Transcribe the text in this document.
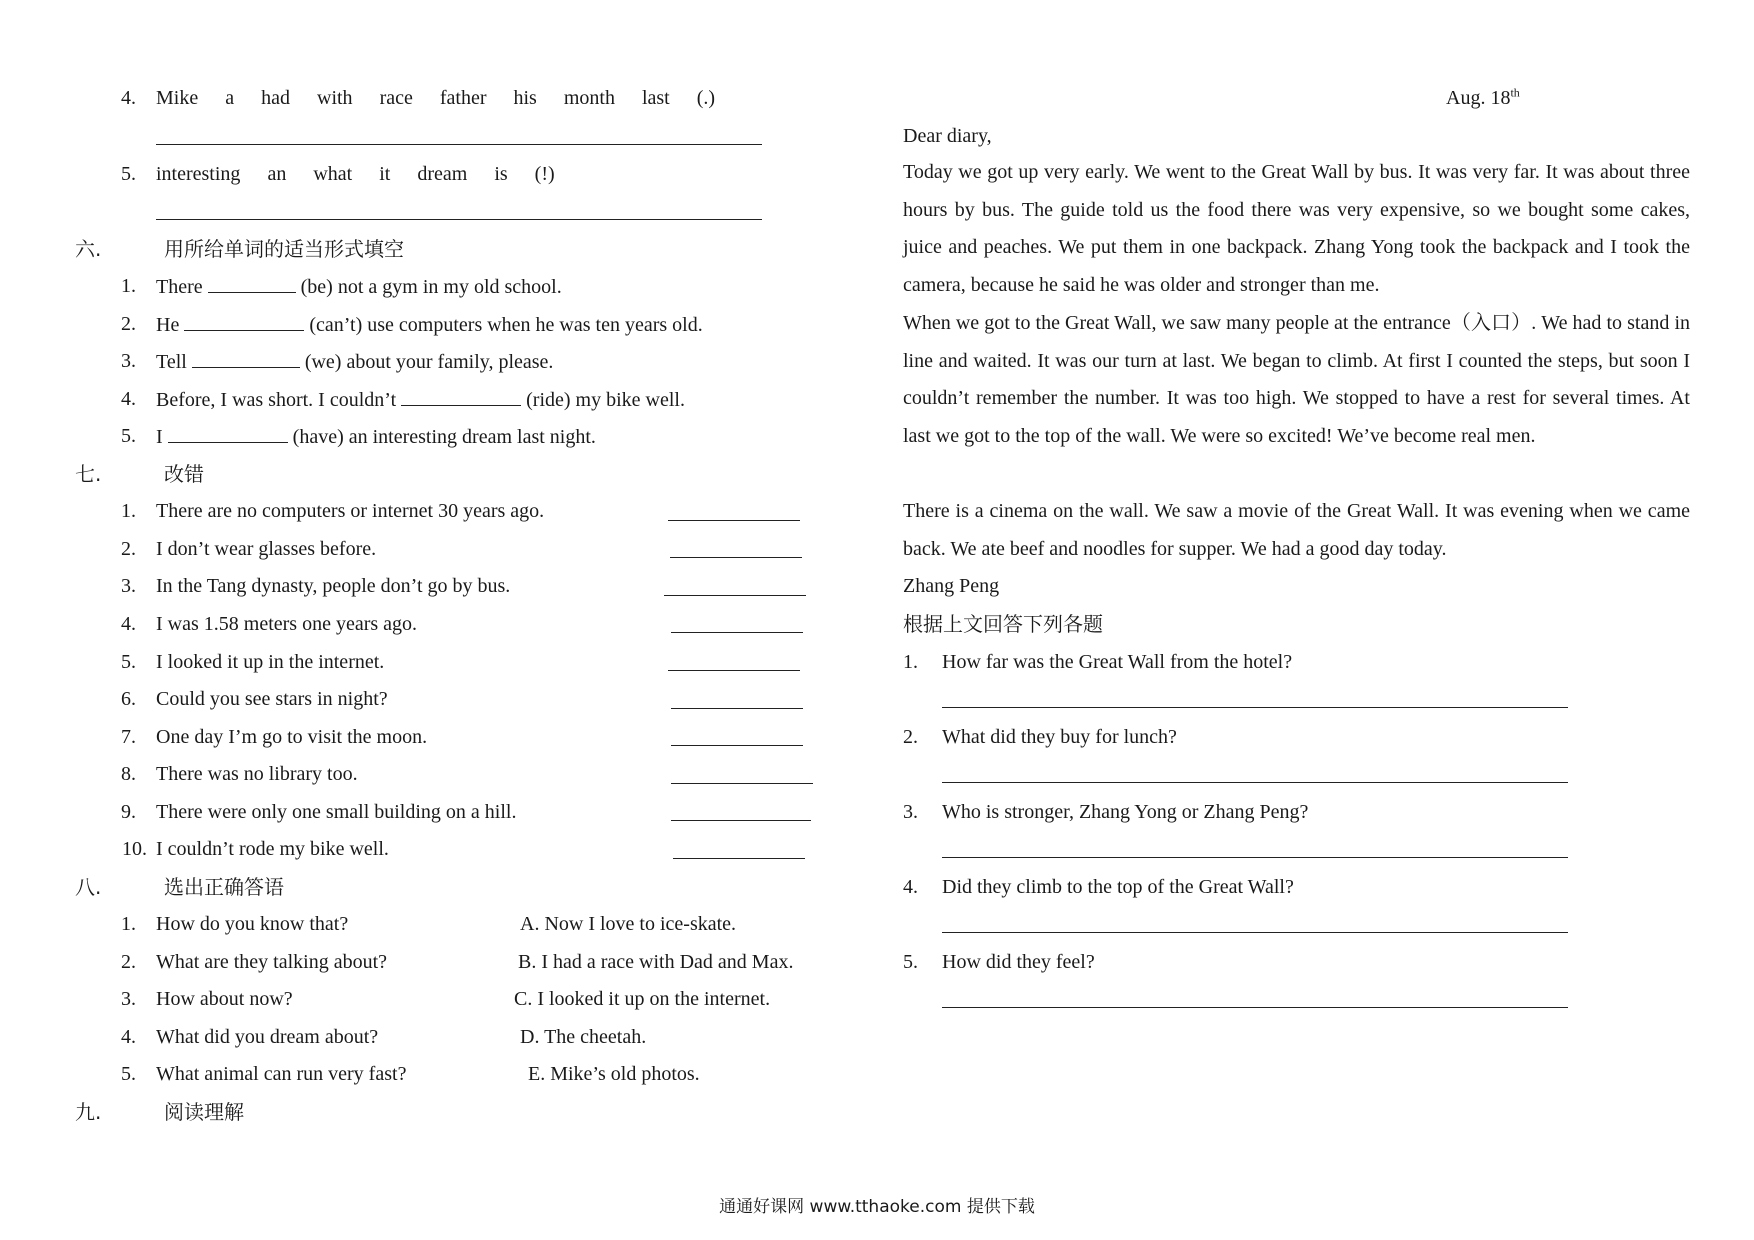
4. Mike a had with race father his month last (.)
5. interesting an what it dream is (!)
六.	用所给单词的适当形式填空
1. There	(be) not a gym in my old school.
2. He	(can’t) use computers when he was ten years old.
3. Tell	(we) about your family, please.
4. Before, I was short. I couldn’t	(ride) my bike well.
5. I	(have) an interesting dream last night.
七.	改错
1. There are no computers or internet 30 years ago.
2. I don’t wear glasses before.
3. In the Tang dynasty, people don’t go by bus.
4. I was 1.58 meters one years ago.
5. I looked it up in the internet.
6. Could you see stars in night?
7. One day I’m go to visit the moon.
8. There was no library too.
9. There were only one small building on a hill.
10. I couldn’t rode my bike well.
八.	选出正确答语
1. How do you know that?	A. Now I love to ice-skate.
2. What are they talking about?	B. I had a race with Dad and Max.
3. How about now?	C. I looked it up on the internet.
4. What did you dream about?	D. The cheetah.
5. What animal can run very fast?	E. Mike’s old photos.
九.	阅读理解
Aug. 18th
Dear diary,
Today we got up very early. We went to the Great Wall by bus. It was very far. It was about three hours by bus. The guide told us the food there was very expensive, so we bought some cakes, juice and peaches. We put them in one backpack. Zhang Yong took the backpack and I took the camera, because he said he was older and stronger than me.
When we got to the Great Wall, we saw many people at the entrance（入口）. We had to stand in line and waited. It was our turn at last. We began to climb. At first I counted the steps, but soon I couldn’t remember the number. It was too high. We stopped to have a rest for several times. At last we got to the top of the wall. We were so excited! We’ve become real men.
There is a cinema on the wall. We saw a movie of the Great Wall. It was evening when we came back. We ate beef and noodles for supper. We had a good day today.
Zhang Peng
根据上文回答下列各题
1. How far was the Great Wall from the hotel?
2. What did they buy for lunch?
3. Who is stronger, Zhang Yong or Zhang Peng?
4. Did they climb to the top of the Great Wall?
5. How did they feel?
通通好课网 www.tthaoke.com 提供下载
